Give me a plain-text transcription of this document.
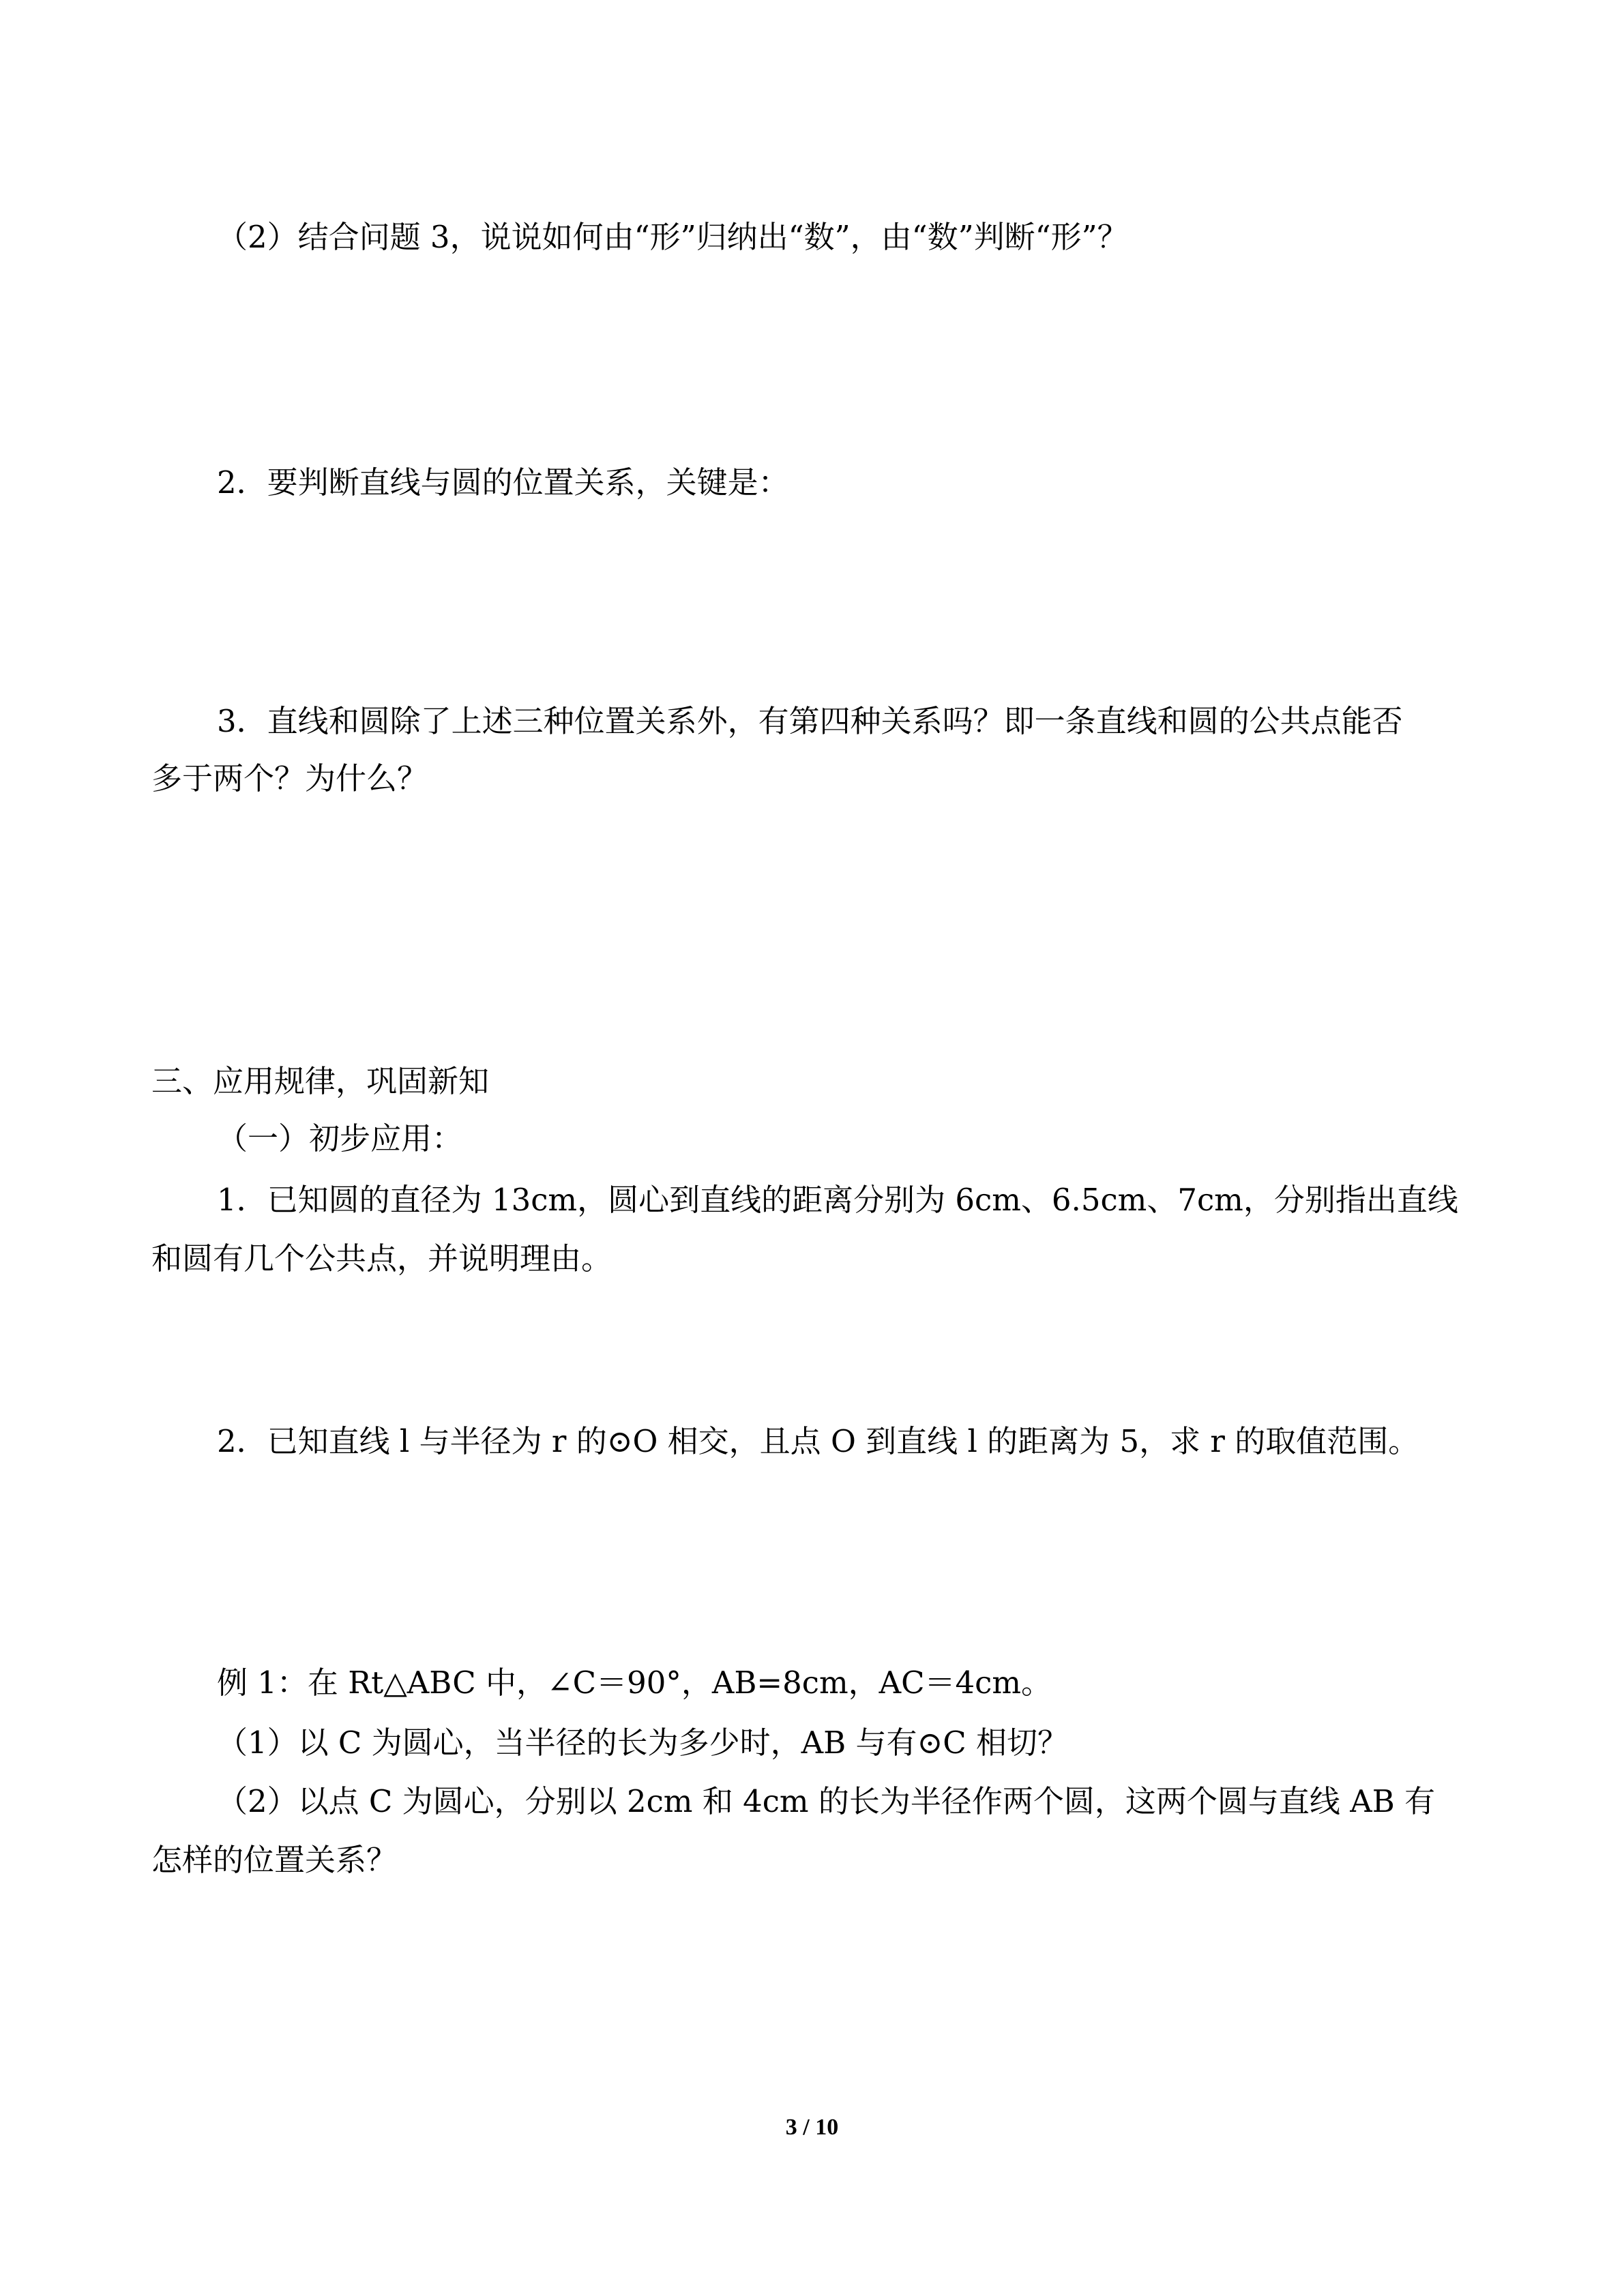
（2）结合问题 3，说说如何由“形”归纳出“数”，由“数”判断“形”？
2．要判断直线与圆的位置关系，关键是：
3．直线和圆除了上述三种位置关系外，有第四种关系吗？即一条直线和圆的公共点能否
多于两个？为什么？
三、应用规律，巩固新知
（一）初步应用：
1．已知圆的直径为 13cm，圆心到直线的距离分别为 6cm、6.5cm、7cm，分别指出直线
和圆有几个公共点，并说明理由。
2．已知直线 l 与半径为 r 的⊙O 相交，且点 O 到直线 l 的距离为 5，求 r 的取值范围。
例 1：在 Rt△ABC 中，∠C＝90°，AB=8cm，AC＝4cm。
（1）以 C 为圆心，当半径的长为多少时，AB 与有⊙C 相切？
（2）以点 C 为圆心，分别以 2cm 和 4cm 的长为半径作两个圆，这两个圆与直线 AB 有
怎样的位置关系？
3 / 10
